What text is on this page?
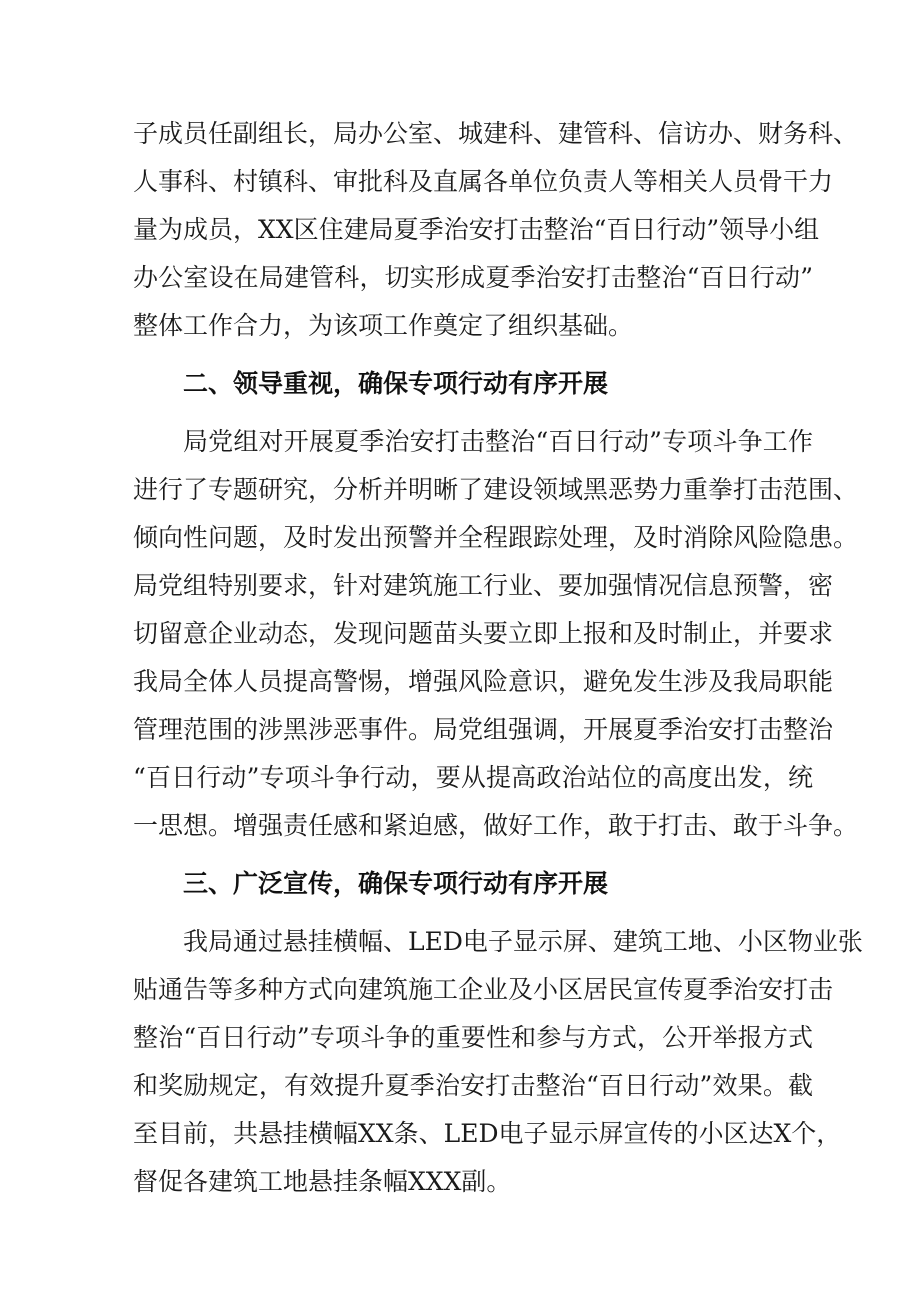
子成员任副组长，局办公室、城建科、建管科、信访办、财务科、
人事科、村镇科、审批科及直属各单位负责人等相关人员骨干力
量为成员，XX区住建局夏季治安打击整治“百日行动”领导小组
办公室设在局建管科，切实形成夏季治安打击整治“百日行动”
整体工作合力，为该项工作奠定了组织基础。
二、领导重视，确保专项行动有序开展
局党组对开展夏季治安打击整治“百日行动”专项斗争工作
进行了专题研究，分析并明晰了建设领域黑恶势力重拳打击范围、
倾向性问题，及时发出预警并全程跟踪处理，及时消除风险隐患。
局党组特别要求，针对建筑施工行业、要加强情况信息预警，密
切留意企业动态，发现问题苗头要立即上报和及时制止，并要求
我局全体人员提高警惕，增强风险意识，避免发生涉及我局职能
管理范围的涉黑涉恶事件。局党组强调，开展夏季治安打击整治
“百日行动”专项斗争行动，要从提高政治站位的高度出发，统
一思想。增强责任感和紧迫感，做好工作，敢于打击、敢于斗争。
三、广泛宣传，确保专项行动有序开展
我局通过悬挂横幅、LED电子显示屏、建筑工地、小区物业张
贴通告等多种方式向建筑施工企业及小区居民宣传夏季治安打击
整治“百日行动”专项斗争的重要性和参与方式，公开举报方式
和奖励规定，有效提升夏季治安打击整治“百日行动”效果。截
至目前，共悬挂横幅XX条、LED电子显示屏宣传的小区达X个，
督促各建筑工地悬挂条幅XXX副。
